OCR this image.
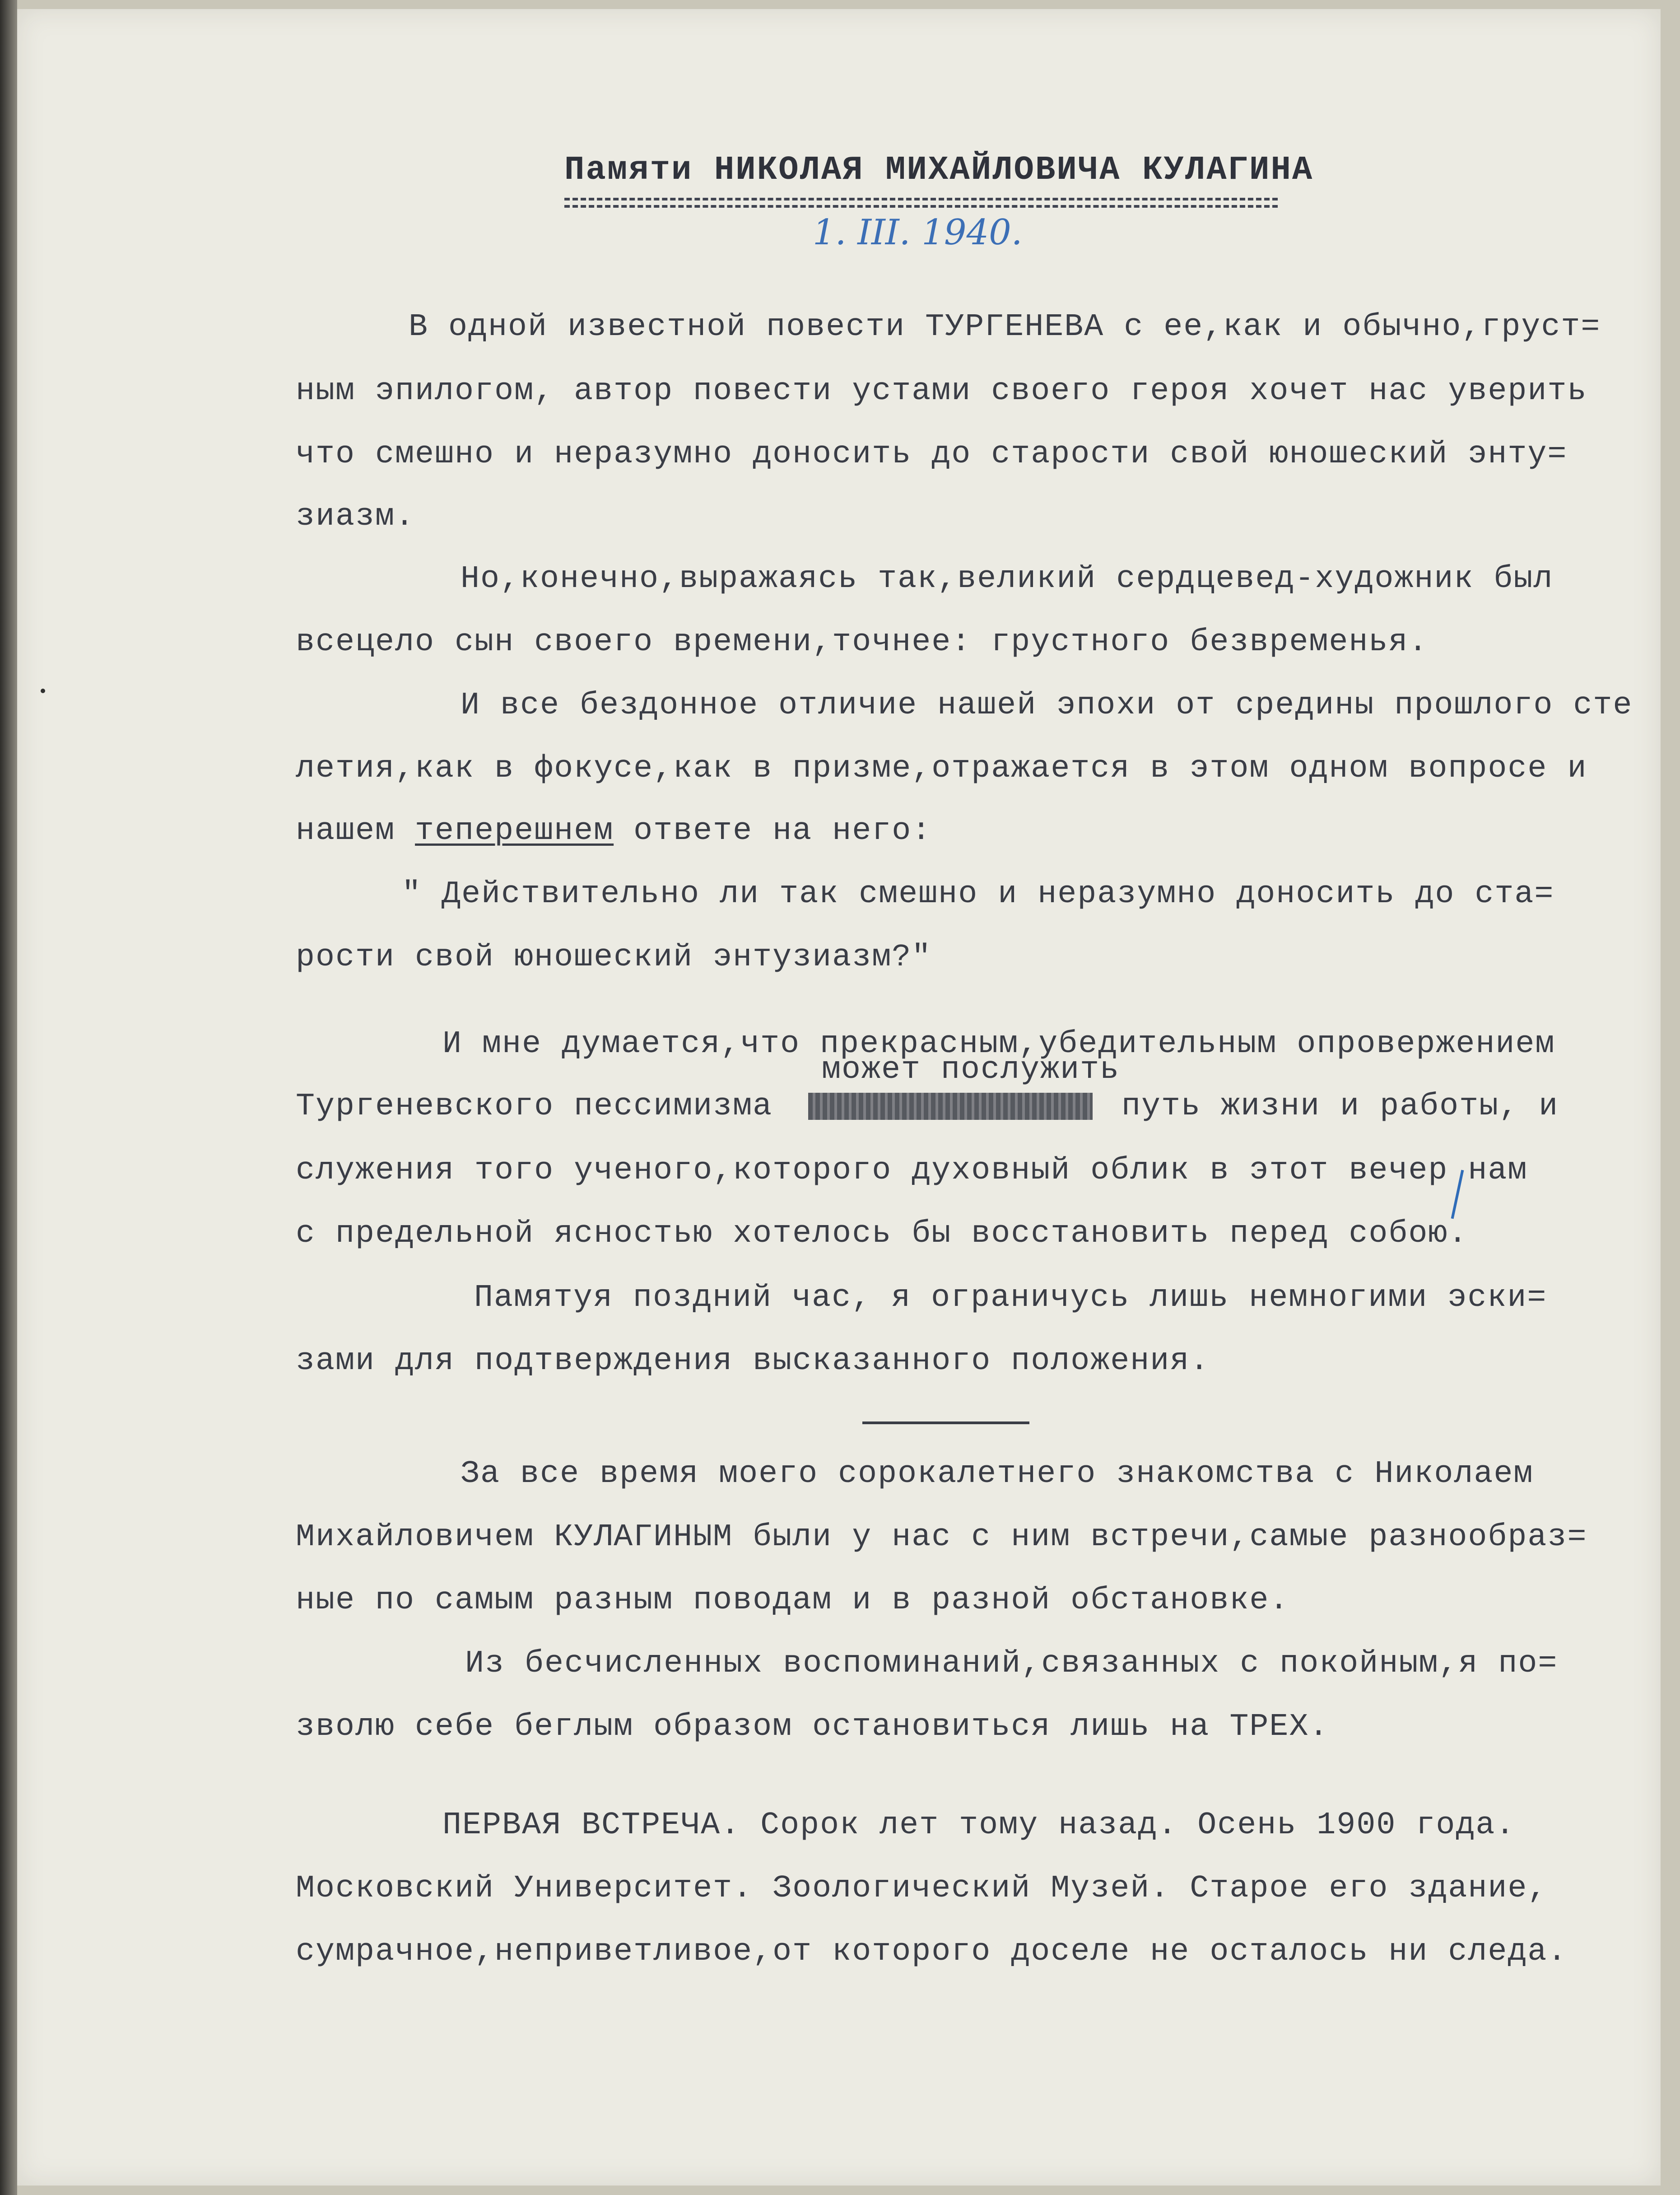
Памяти НИКОЛАЯ МИХАЙЛОВИЧА КУЛАГИНА
1. III. 1940.
В одной известной повести ТУРГЕНЕВА с ее,как и обычно,груст=
ным эпилогом, автор повести устами своего героя хочет нас уверить
что смешно и неразумно доносить до старости свой юношеский энту=
зиазм.
Но,конечно,выражаясь так,великий сердцевед-художник был
всецело сын своего времени,точнее: грустного безвременья.
И все бездонное отличие нашей эпохи от средины прошлого сте
летия,как в фокусе,как в призме,отражается в этом одном вопросе и
нашем теперешнем ответе на него:
" Действительно ли так смешно и неразумно доносить до ста=
рости свой юношеский энтузиазм?"
И мне думается,что прекрасным,убедительным опровержением
может послужить
Тургеневского пессимизма	путь жизни и работы, и
служения того ученого,которого духовный облик в этот вечер нам
с предельной ясностью хотелось бы восстановить перед собою.
Памятуя поздний час, я ограничусь лишь немногими эски=
зами для подтверждения высказанного положения.
За все время моего сорокалетнего знакомства с Николаем
Михайловичем КУЛАГИНЫМ были у нас с ним встречи,самые разнообраз=
ные по самым разным поводам и в разной обстановке.
Из бесчисленных воспоминаний,связанных с покойным,я по=
зволю себе беглым образом остановиться лишь на ТРЕХ.
ПЕРВАЯ ВСТРЕЧА. Сорок лет тому назад. Осень 1900 года.
Московский Университет. Зоологический Музей. Старое его здание,
сумрачное,неприветливое,от которого доселе не осталось ни следа.
